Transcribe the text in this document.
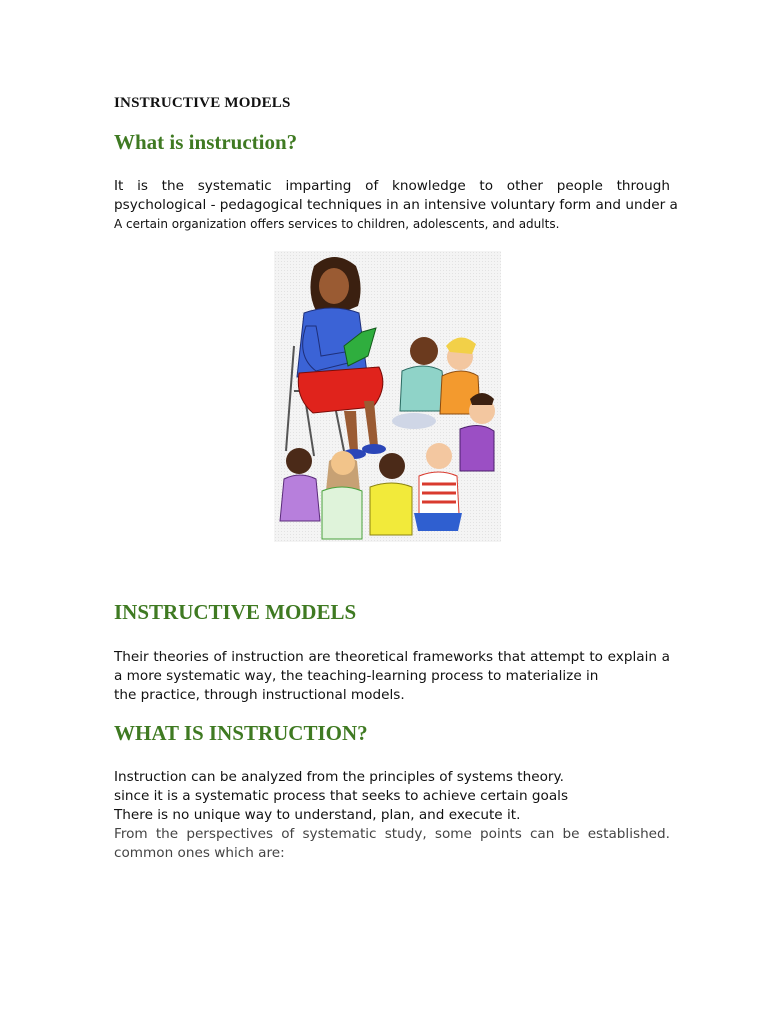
INSTRUCTIVE MODELS
What is instruction?
It is the systematic imparting of knowledge to other people through
psychological - pedagogical techniques in an intensive voluntary form and under a
A certain organization offers services to children, adolescents, and adults.
INSTRUCTIVE MODELS
Their theories of instruction are theoretical frameworks that attempt to explain a
a more systematic way, the teaching-learning process to materialize in
the practice, through instructional models.
WHAT IS INSTRUCTION?
Instruction can be analyzed from the principles of systems theory.
since it is a systematic process that seeks to achieve certain goals
There is no unique way to understand, plan, and execute it.
From the perspectives of systematic study, some points can be established.
common ones which are:
